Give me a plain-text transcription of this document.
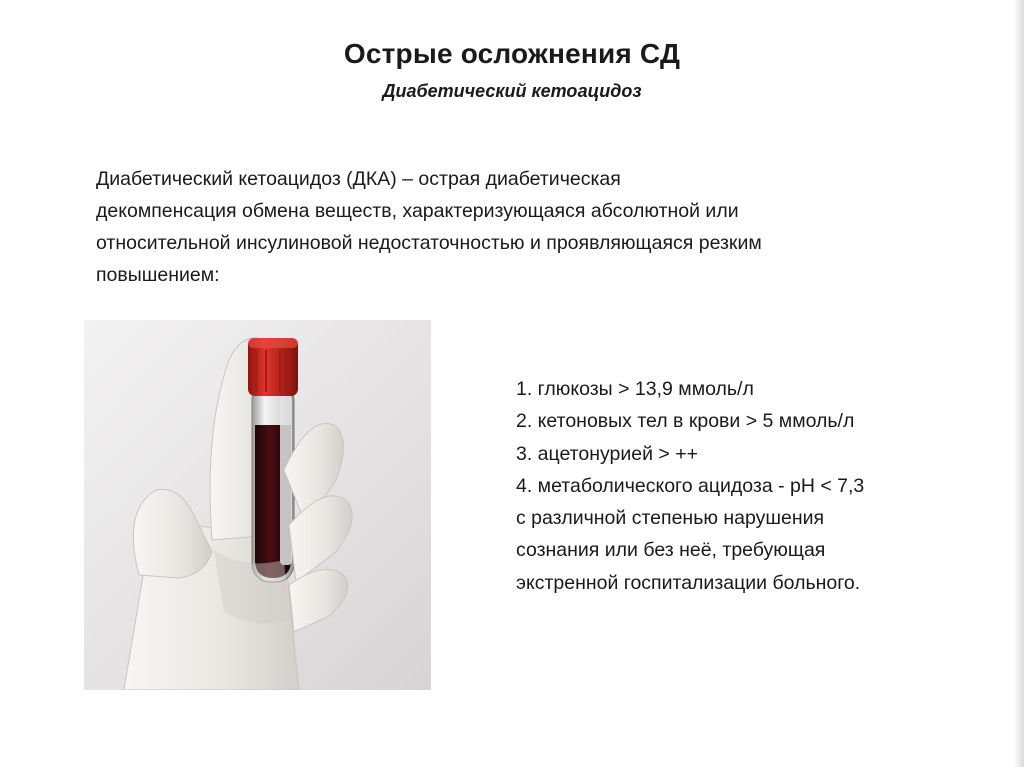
Острые осложнения СД
Диабетический кетоацидоз
Диабетический кетоацидоз (ДКА) – острая диабетическая
декомпенсация обмена веществ, характеризующаяся абсолютной или
относительной инсулиновой недостаточностью и проявляющаяся резким
повышением:
1. глюкозы > 13,9 ммоль/л
2. кетоновых тел в крови > 5 ммоль/л
3. ацетонурией > ++
4. метаболического ацидоза - pH < 7,3
с различной степенью нарушения
сознания или без неё, требующая
экстренной госпитализации больного.
